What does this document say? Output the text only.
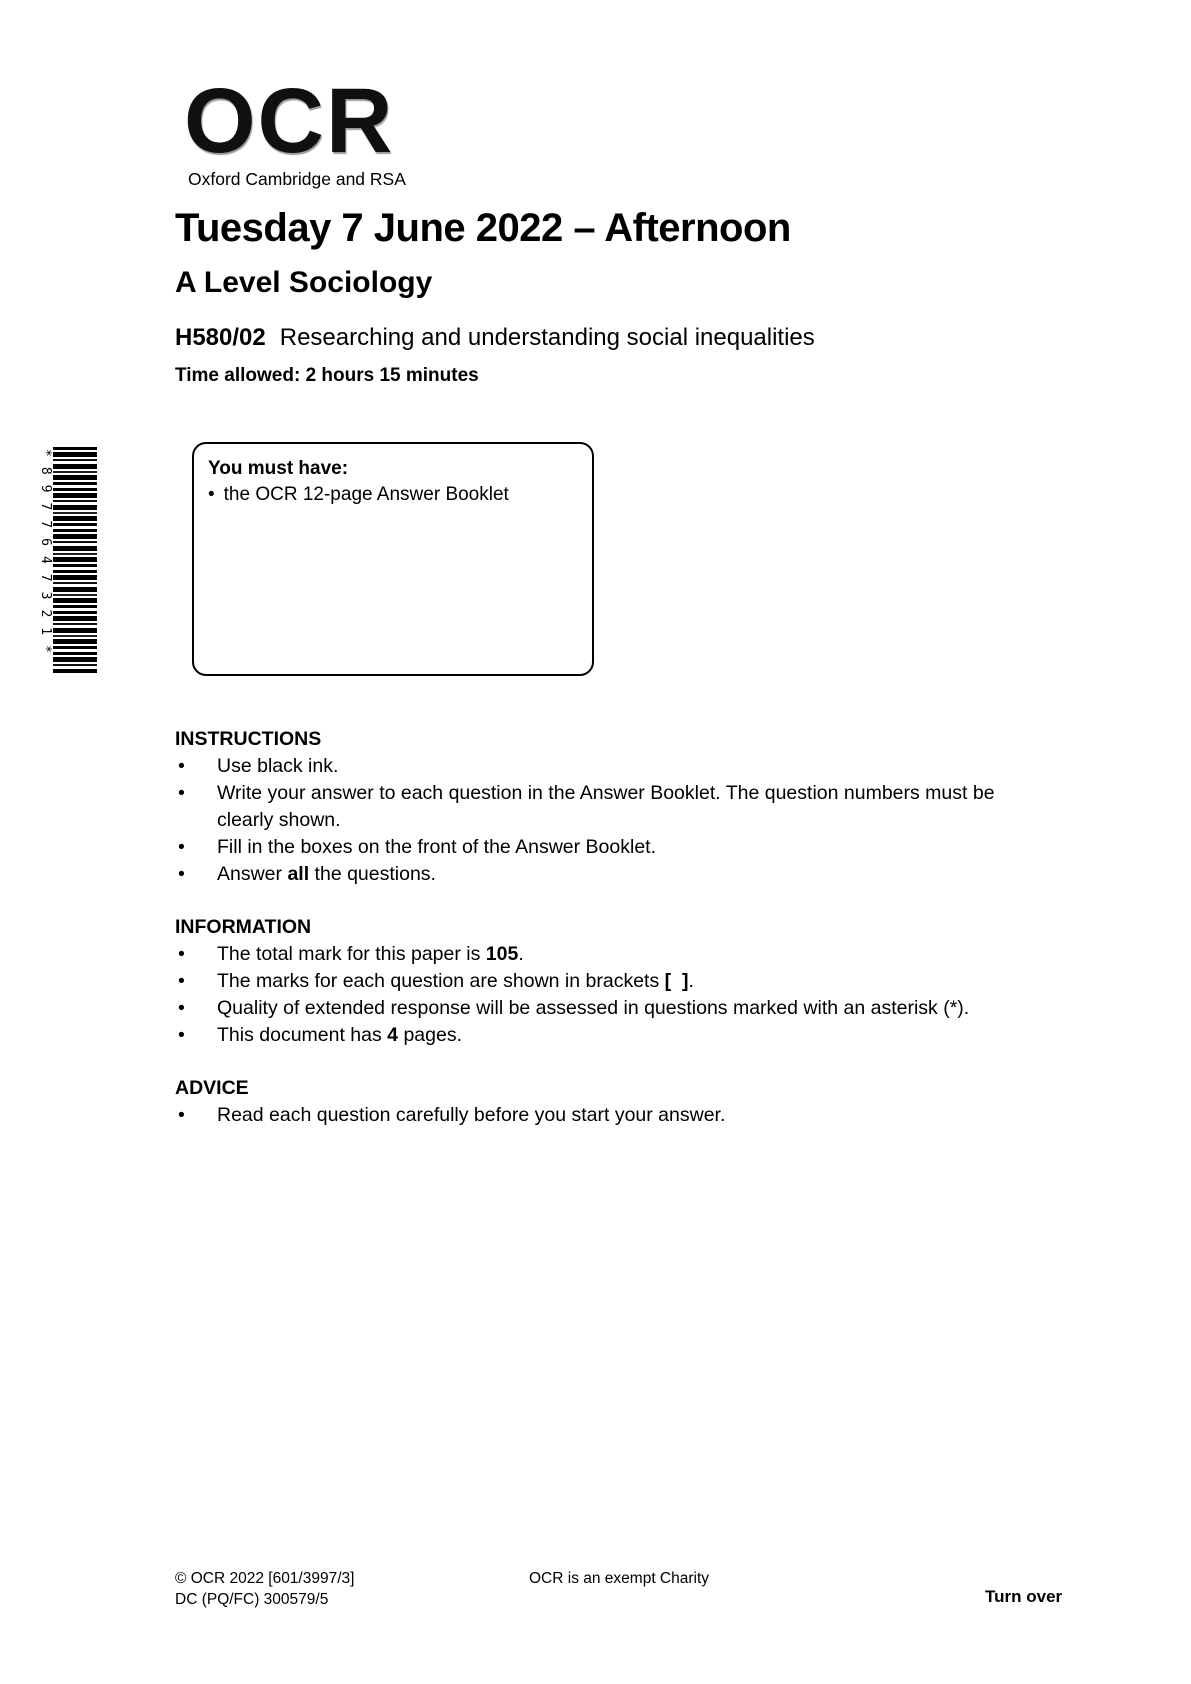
OCR
Oxford Cambridge and RSA
Tuesday 7 June 2022 – Afternoon
A Level Sociology
H580/02 Researching and understanding social inequalities
Time allowed: 2 hours 15 minutes
*8977647321*	You must have:
• the OCR 12-page Answer Booklet
INSTRUCTIONS
• Use black ink.
• Write your answer to each question in the Answer Booklet. The question numbers must be clearly shown.
• Fill in the boxes on the front of the Answer Booklet.
• Answer all the questions.
INFORMATION
• The total mark for this paper is 105.
• The marks for each question are shown in brackets [  ].
• Quality of extended response will be assessed in questions marked with an asterisk (*).
• This document has 4 pages.
ADVICE
• Read each question carefully before you start your answer.
© OCR 2022 [601/3997/3]
DC (PQ/FC) 300579/5
OCR is an exempt Charity
Turn over
